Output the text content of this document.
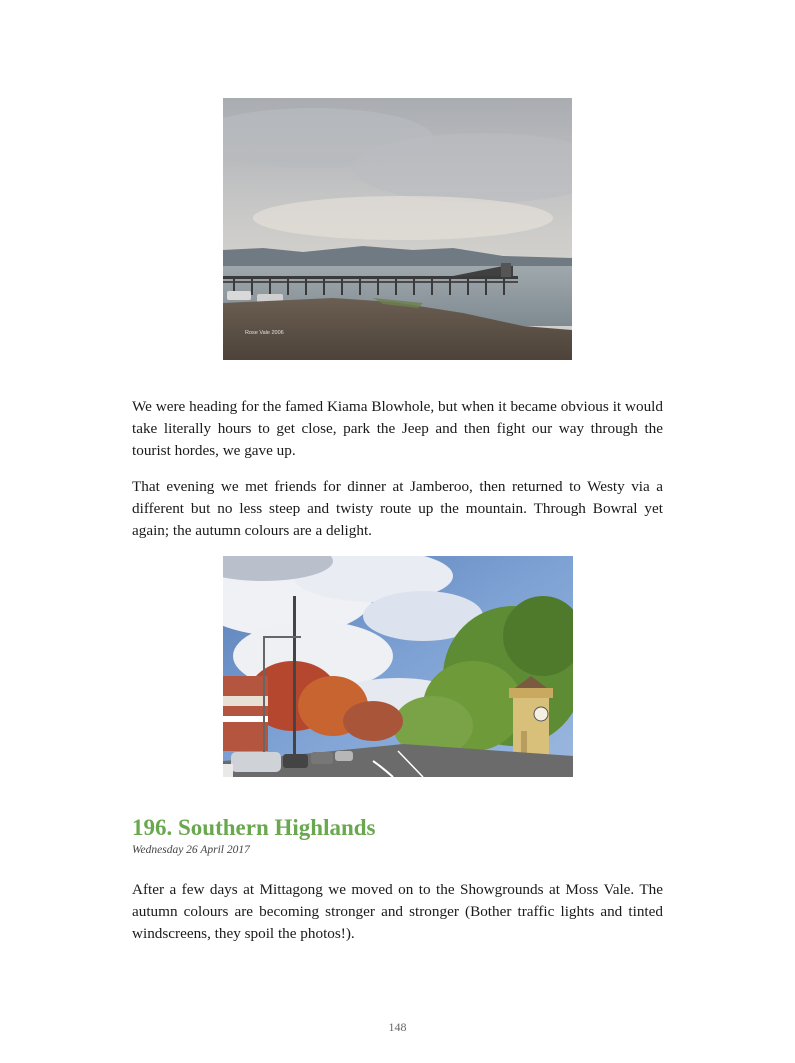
Rose Vale 2006

We were heading for the famed Kiama Blowhole, but when it became obvious it would take literally hours to get close, park the Jeep and then fight our way through the tourist hordes, we gave up.

That evening we met friends for dinner at Jamberoo, then returned to Westy via a different but no less steep and twisty route up the mountain. Through Bowral yet again; the autumn colours are a delight.

196. Southern Highlands
Wednesday 26 April 2017

After a few days at Mittagong we moved on to the Showgrounds at Moss Vale. The autumn colours are becoming stronger and stronger (Bother traffic lights and tinted windscreens, they spoil the photos!).

148
